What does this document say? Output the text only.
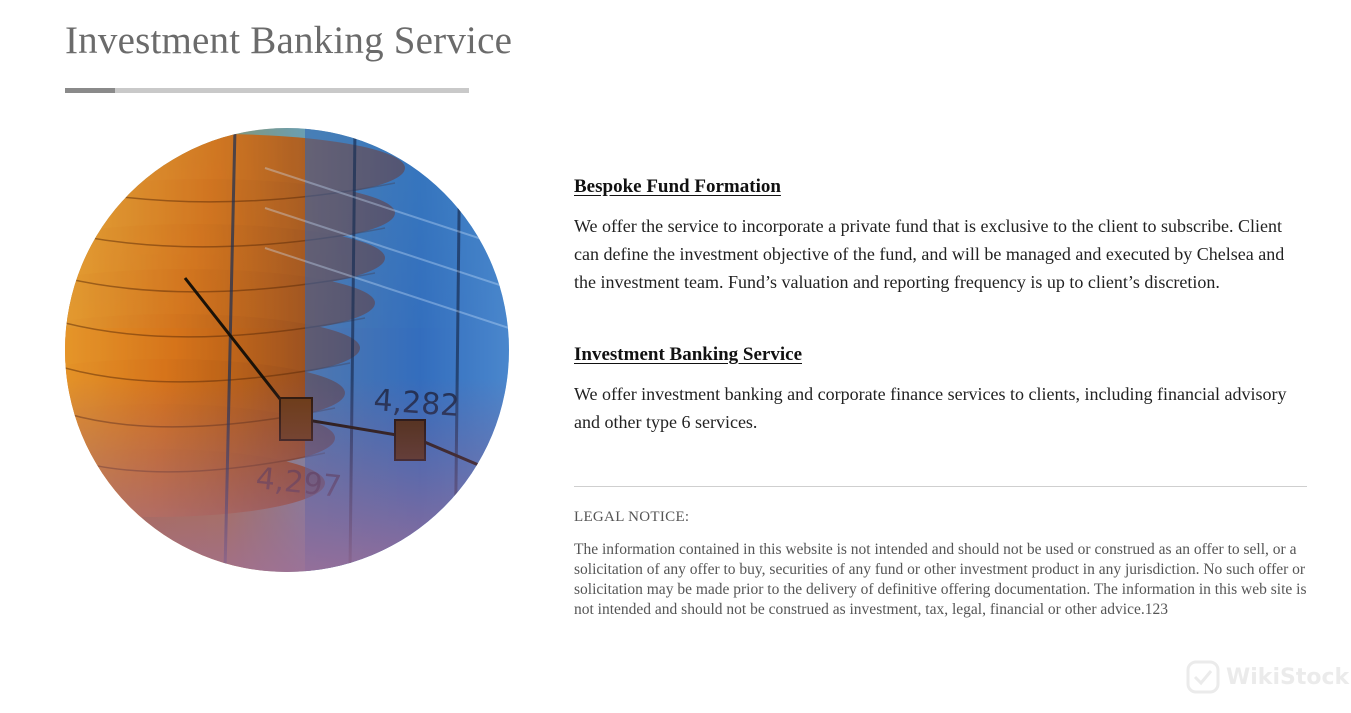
Investment Banking Service
Bespoke Fund Formation

We offer the service to incorporate a private fund that is exclusive to the client to subscribe. Client can define the investment objective of the fund, and will be managed and executed by Chelsea and the investment team. Fund’s valuation and reporting frequency is up to client’s discretion.

Investment Banking Service

We offer investment banking and corporate finance services to clients, including financial advisory and other type 6 services.

LEGAL NOTICE:

The information contained in this website is not intended and should not be used or construed as an offer to sell, or a solicitation of any offer to buy, securities of any fund or other investment product in any jurisdiction. No such offer or solicitation may be made prior to the delivery of definitive offering documentation. The information in this web site is not intended and should not be construed as investment, tax, legal, financial or other advice.123

WikiStock
